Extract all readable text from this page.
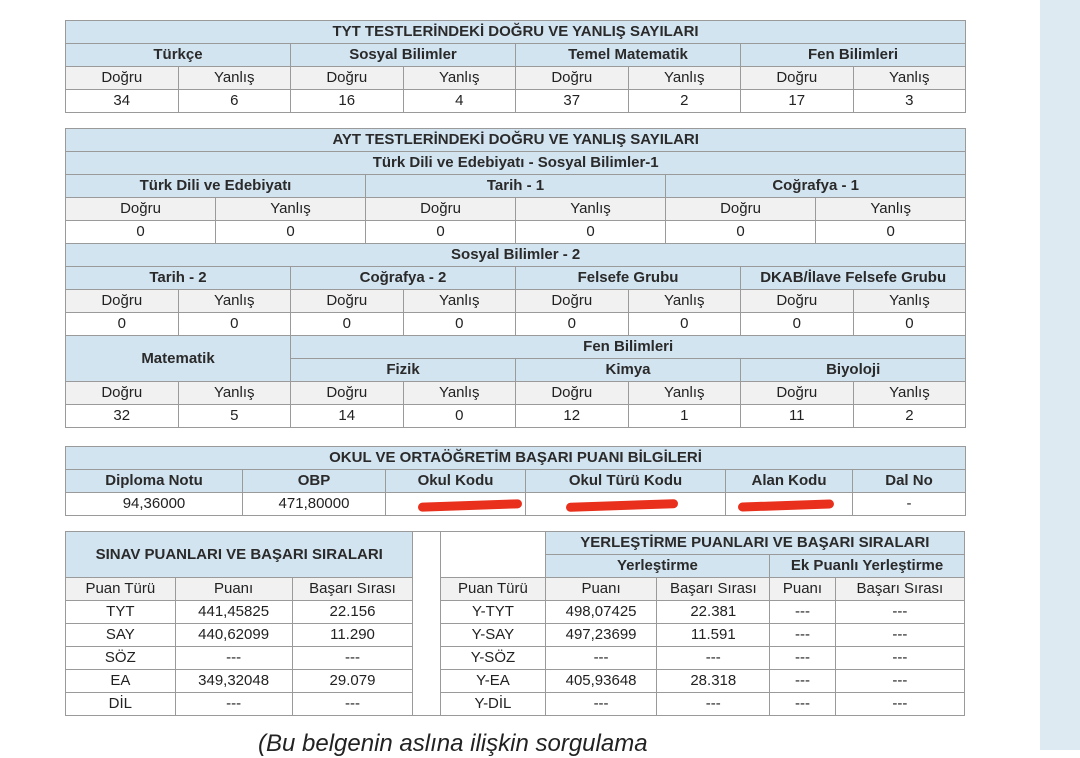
TYT TESTLERİNDEKİ DOĞRU VE YANLIŞ SAYILARI							
Türkçe		Sosyal Bilimler		Temel Matematik		Fen Bilimleri	
Doğru	Yanlış	Doğru	Yanlış	Doğru	Yanlış	Doğru	Yanlış
34	6	16	4	37	2	17	3
AYT TESTLERİNDEKİ DOĞRU VE YANLIŞ SAYILARI											
Türk Dili ve Edebiyatı - Sosyal Bilimler-1											
Türk Dili ve Edebiyatı				Tarih - 1				Coğrafya - 1			
Doğru		Yanlış		Doğru		Yanlış		Doğru		Yanlış	
0		0		0		0		0		0	
Sosyal Bilimler - 2											
Tarih - 2			Coğrafya - 2			Felsefe Grubu			DKAB/İlave Felsefe Grubu		
Doğru	Yanlış		Doğru		Yanlış	Doğru	Yanlış		Doğru		Yanlış
0	0		0		0	0	0		0		0
Matematik			Fen Bilimleri								
			Fizik			Kimya			Biyoloji		
Doğru	Yanlış		Doğru		Yanlış	Doğru	Yanlış		Doğru		Yanlış
32	5		14		0	12	1		11		2
OKUL VE ORTAÖĞRETİM BAŞARI PUANI BİLGİLERİ					
Diploma Notu	OBP	Okul Kodu	Okul Türü Kodu	Alan Kodu	Dal No
94,36000	471,80000				-
SINAV PUANLARI VE BAŞARI SIRALARI					YERLEŞTİRME PUANLARI VE BAŞARI SIRALARI			
					Yerleştirme		Ek Puanlı Yerleştirme	
Puan Türü	Puanı	Başarı Sırası		Puan Türü	Puanı	Başarı Sırası	Puanı	Başarı Sırası
TYT	441,45825	22.156		Y-TYT	498,07425	22.381	---	---
SAY	440,62099	11.290		Y-SAY	497,23699	11.591	---	---
SÖZ	---	---		Y-SÖZ	---	---	---	---
EA	349,32048	29.079		Y-EA	405,93648	28.318	---	---
DİL	---	---		Y-DİL	---	---	---	---
(Bu belgenin aslına ilişkin sorgulama
